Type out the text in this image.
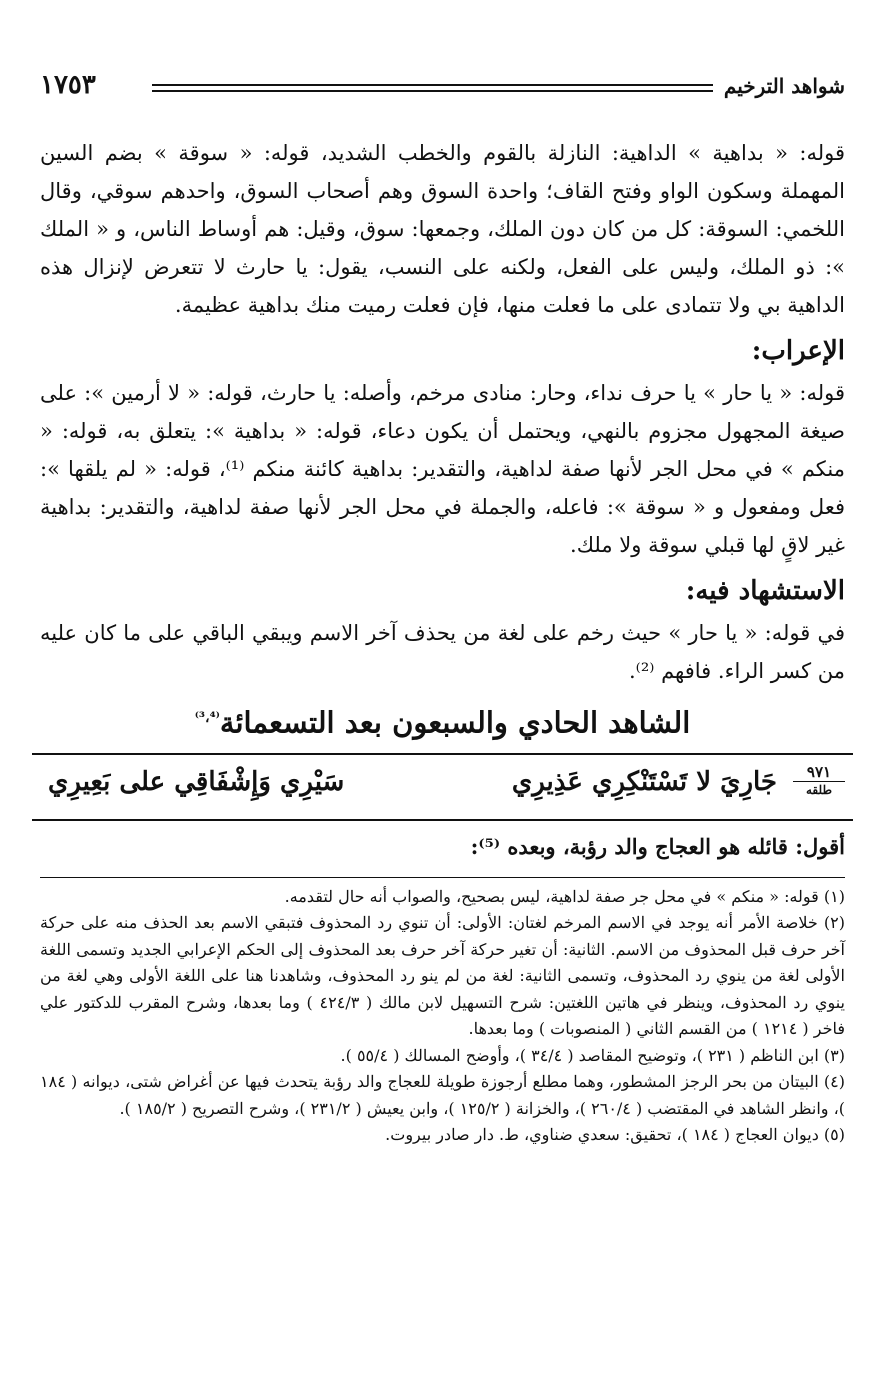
شواهد الترخيم
١٧٥٣

قوله: « بداهية » الداهية: النازلة بالقوم والخطب الشديد، قوله: « سوقة » بضم السين المهملة وسكون الواو وفتح القاف؛ واحدة السوق وهم أصحاب السوق، واحدهم سوقي، وقال اللخمي: السوقة: كل من كان دون الملك، وجمعها: سوق، وقيل: هم أوساط الناس، و « الملك »: ذو الملك، وليس على الفعل، ولكنه على النسب، يقول: يا حارث لا تتعرض لإنزال هذه الداهية بي ولا تتمادى على ما فعلت منها، فإن فعلت رميت منك بداهية عظيمة.

الإعراب:

قوله: « يا حار » يا حرف نداء، وحار: منادى مرخم، وأصله: يا حارث، قوله: « لا أرمين »: على صيغة المجهول مجزوم بالنهي، ويحتمل أن يكون دعاء، قوله: « بداهية »: يتعلق به، قوله: « منكم » في محل الجر لأنها صفة لداهية، والتقدير: بداهية كائنة منكم ⁽¹⁾، قوله: « لم يلقها »: فعل ومفعول و « سوقة »: فاعله، والجملة في محل الجر لأنها صفة لداهية، والتقدير: بداهية غير لاقٍ لها قبلي سوقة ولا ملك.

الاستشهاد فيه:

في قوله: « يا حار » حيث رخم على لغة من يحذف آخر الاسم ويبقي الباقي على ما كان عليه من كسر الراء. فافهم ⁽²⁾.

الشاهد الحادي والسبعون بعد التسعمائة$^{^{(3}،^{4)}}$
٩٧١
طلقه
جَارِيَ لا تَسْتَنْكِرِي عَذِيرِي
سَيْرِي وَإِشْفَاقِي على بَعِيرِي

أقول: قائله هو العجاج والد رؤبة، وبعده ⁽⁵⁾:

(١) قوله: « منكم » في محل جر صفة لداهية، ليس بصحيح، والصواب أنه حال لتقدمه.

(٢) خلاصة الأمر أنه يوجد في الاسم المرخم لغتان: الأولى: أن تنوي رد المحذوف فتبقي الاسم بعد الحذف منه على حركة آخر حرف قبل المحذوف من الاسم. الثانية: أن تغير حركة آخر حرف بعد المحذوف إلى الحكم الإعرابي الجديد وتسمى اللغة الأولى لغة من ينوي رد المحذوف، وتسمى الثانية: لغة من لم ينو رد المحذوف، وشاهدنا هنا على اللغة الأولى وهي لغة من ينوي رد المحذوف، وينظر في هاتين اللغتين: شرح التسهيل لابن مالك ( ٤٢٤/٣ ) وما بعدها، وشرح المقرب للدكتور علي فاخر ( ١٢١٤ ) من القسم الثاني ( المنصوبات ) وما بعدها.

(٣) ابن الناظم ( ٢٣١ )، وتوضيح المقاصد ( ٣٤/٤ )، وأوضح المسالك ( ٥٥/٤ ).

(٤) البيتان من بحر الرجز المشطور، وهما مطلع أرجوزة طويلة للعجاج والد رؤبة يتحدث فيها عن أغراض شتى، ديوانه ( ١٨٤ )، وانظر الشاهد في المقتضب ( ٢٦٠/٤ )، والخزانة ( ١٢٥/٢ )، وابن يعيش ( ٢٣١/٢ )، وشرح التصريح ( ١٨٥/٢ ).

(٥) ديوان العجاج ( ١٨٤ )، تحقيق: سعدي ضناوي، ط. دار صادر بيروت.
